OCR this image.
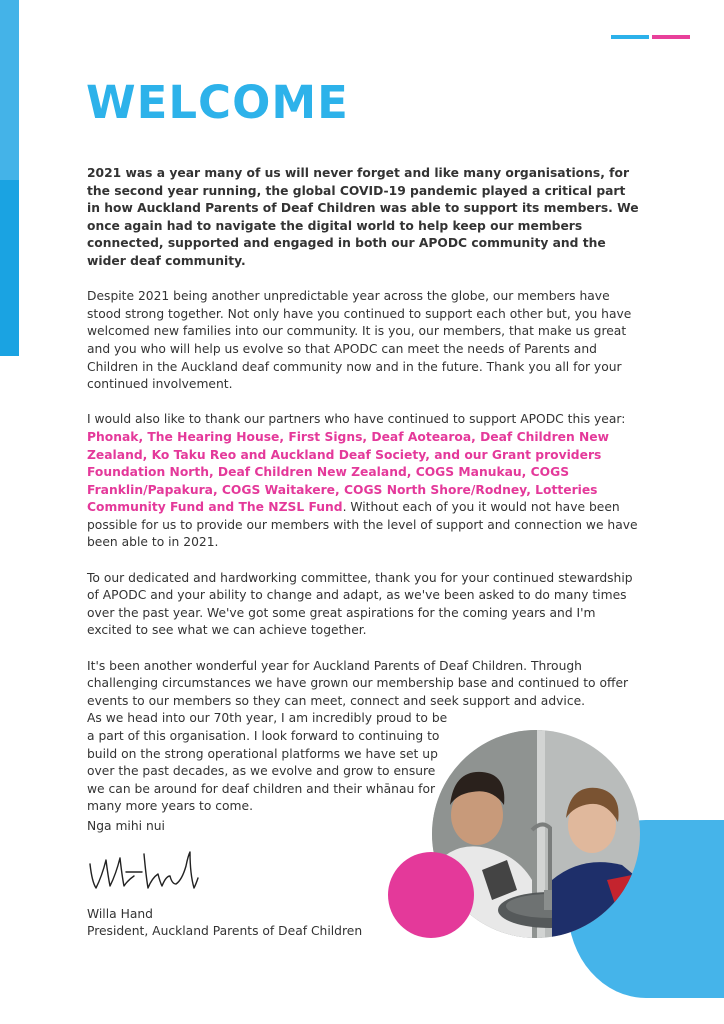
WELCOME

2021 was a year many of us will never forget and like many organisations, for the second year running, the global COVID-19 pandemic played a critical part in how Auckland Parents of Deaf Children was able to support its members. We once again had to navigate the digital world to help keep our members connected, supported and engaged in both our APODC community and the wider deaf community.

Despite 2021 being another unpredictable year across the globe, our members have stood strong together. Not only have you continued to support each other but, you have welcomed new families into our community. It is you, our members, that make us great and you who will help us evolve so that APODC can meet the needs of Parents and Children in the Auckland deaf community now and in the future. Thank you all for your continued involvement.

I would also like to thank our partners who have continued to support APODC this year:
Phonak, The Hearing House, First Signs, Deaf Aotearoa, Deaf Children New Zealand, Ko Taku Reo and Auckland Deaf Society, and our Grant providers Foundation North, Deaf Children New Zealand, COGS Manukau, COGS Franklin/Papakura, COGS Waitakere, COGS North Shore/Rodney, Lotteries Community Fund and The NZSL Fund. Without each of you it would not have been possible for us to provide our members with the level of support and connection we have been able to in 2021.

To our dedicated and hardworking committee, thank you for your continued stewardship of APODC and your ability to change and adapt, as we've been asked to do many times over the past year. We've got some great aspirations for the coming years and I'm excited to see what we can achieve together.

It's been another wonderful year for Auckland Parents of Deaf Children. Through challenging circumstances we have grown our membership base and continued to offer events to our members so they can meet, connect and seek support and advice.

As we head into our 70th year, I am incredibly proud to be a part of this organisation. I look forward to continuing to build on the strong operational platforms we have set up over the past decades, as we evolve and grow to ensure we can be around for deaf children and their whānau for many more years to come.

Nga mihi nui
Willa Hand
President, Auckland Parents of Deaf Children
